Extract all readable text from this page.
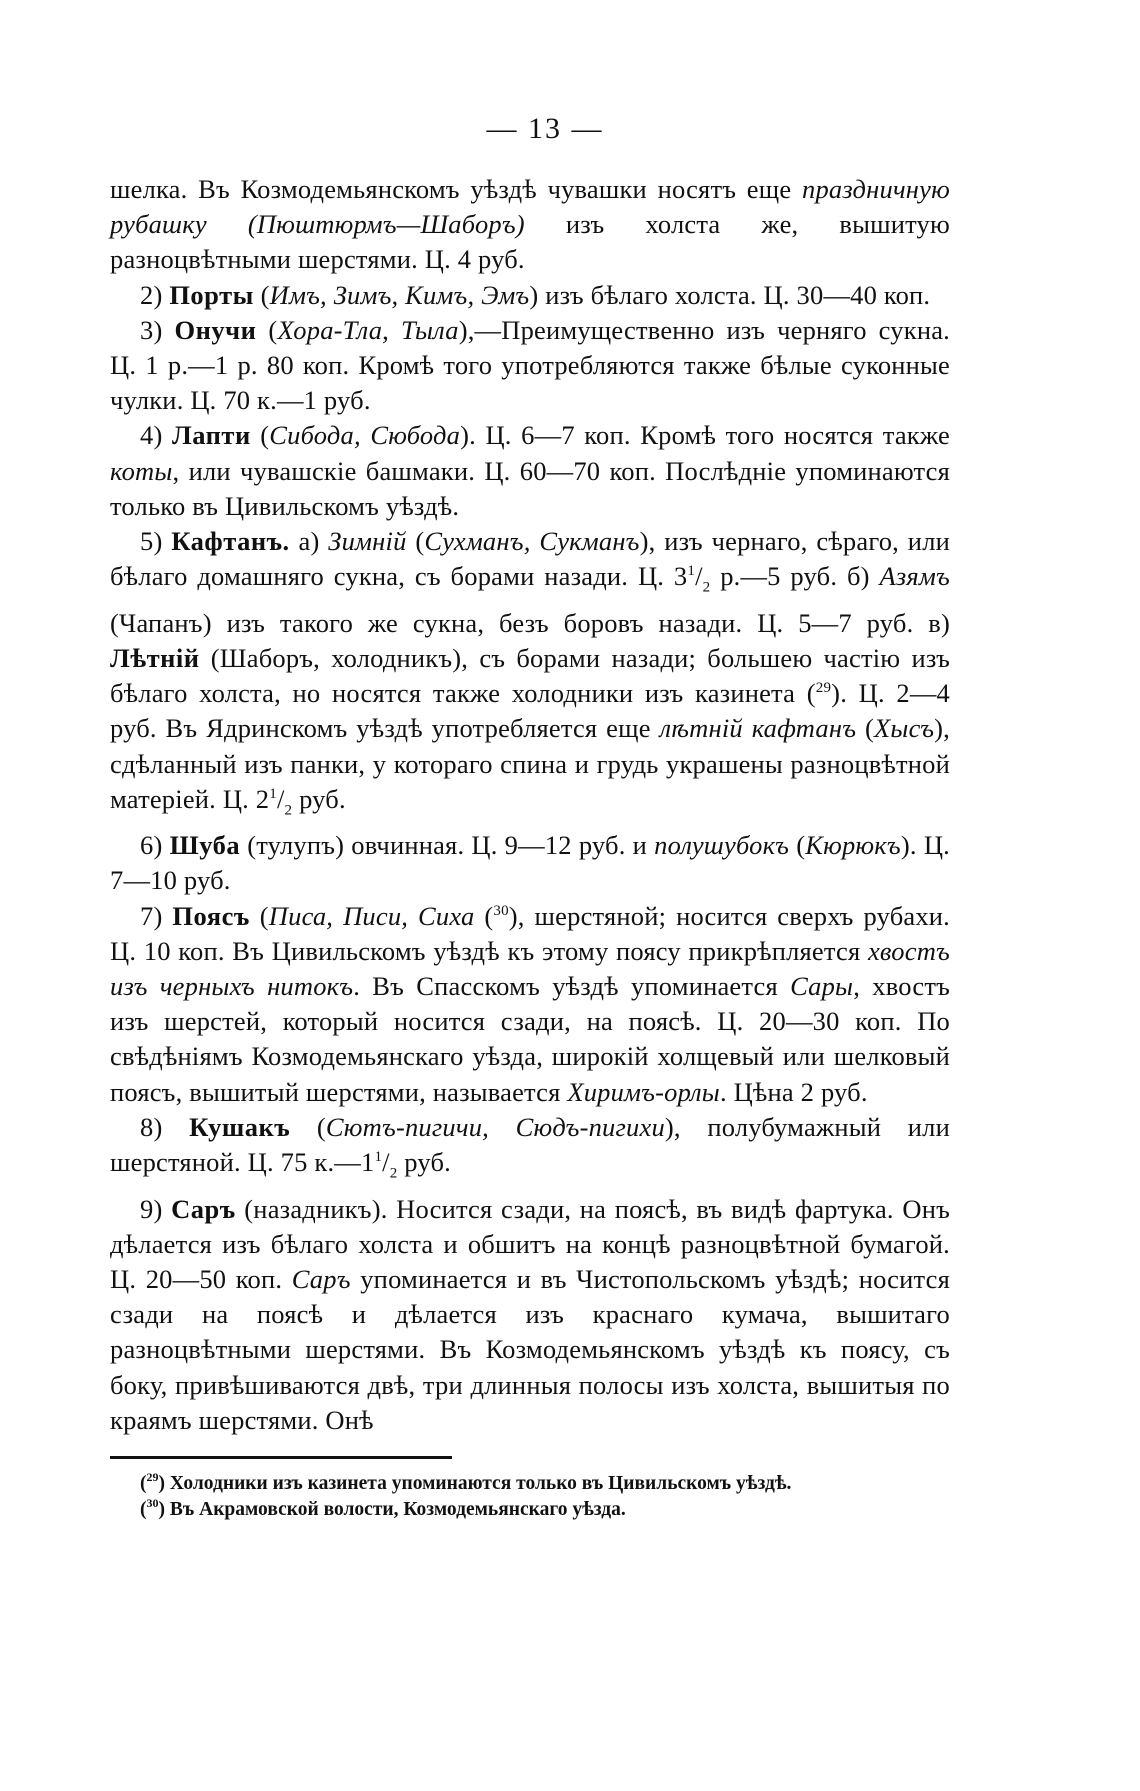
— 13 —

шелка. Въ Козмодемьянскомъ уѣздѣ чувашки носятъ еще праздничную рубашку (Пюштюрмъ—Шаборъ) изъ холста же, вышитую разноцвѣтными шерстями. Ц. 4 руб.

2) Порты (Имъ, Зимъ, Кимъ, Эмъ) изъ бѣлаго холста. Ц. 30—40 коп.

3) Онучи (Хора-Тла, Тыла),—Преимущественно изъ черняго сукна. Ц. 1 р.—1 р. 80 коп. Кромѣ того употребляются также бѣлые суконные чулки. Ц. 70 к.—1 руб.

4) Лапти (Сибода, Сюбода). Ц. 6—7 коп. Кромѣ того носятся также коты, или чувашскіе башмаки. Ц. 60—70 коп. Послѣдніе упоминаются только въ Цивильскомъ уѣздѣ.

5) Кафтанъ. а) Зимній (Сухманъ, Сукманъ), изъ чернаго, сѣраго, или бѣлаго домашняго сукна, съ борами назади. Ц. $3^1/_2$ р.—5 руб. б) Азямъ (Чапанъ) изъ такого же сукна, безъ боровъ назади. Ц. 5—7 руб. в) Лѣтній (Шаборъ, холодникъ), съ борами назади; большею частію изъ бѣлаго холста, но носятся также холодники изъ казинета ($^{29}$). Ц. 2—4 руб. Въ Ядринскомъ уѣздѣ употребляется еще лѣтній кафтанъ (Хысъ), сдѣланный изъ панки, у котораго спина и грудь украшены разноцвѣтной матеріей. Ц. $2^1/_2$ руб.

6) Шуба (тулупъ) овчинная. Ц. 9—12 руб. и полушубокъ (Кюрюкъ). Ц. 7—10 руб.

7) Поясъ (Писа, Писи, Сиха ($^{30}$), шерстяной; носится сверхъ рубахи. Ц. 10 коп. Въ Цивильскомъ уѣздѣ къ этому поясу прикрѣпляется хвостъ изъ черныхъ нитокъ. Въ Спасскомъ уѣздѣ упоминается Сары, хвостъ изъ шерстей, который носится сзади, на поясѣ. Ц. 20—30 коп. По свѣдѣніямъ Козмодемьянскаго уѣзда, широкій холщевый или шелковый поясъ, вышитый шерстями, называется Хиримъ-орлы. Цѣна 2 руб.

8) Кушакъ (Сютъ-пигичи, Сюдъ-пигихи), полубумажный или шерстяной. Ц. 75 $к.—1^1/_2$ руб.

9) Саръ (назадникъ). Носится сзади, на поясѣ, въ видѣ фартука. Онъ дѣлается изъ бѣлаго холста и обшитъ на концѣ разноцвѣтной бумагой. Ц. 20—50 коп. Саръ упоминается и въ Чистопольскомъ уѣздѣ; носится сзади на поясѣ и дѣлается изъ краснаго кумача, вышитаго разноцвѣтными шерстями. Въ Козмодемьянскомъ уѣздѣ къ поясу, съ боку, привѣшиваются двѣ, три длинныя полосы изъ холста, вышитыя по краямъ шерстями. Онѣ

($^{29}$) Холодники изъ казинета упоминаются только въ Цивильскомъ уѣздѣ.

($^{30}$) Въ Акрамовской волости, Козмодемьянскаго уѣзда.
